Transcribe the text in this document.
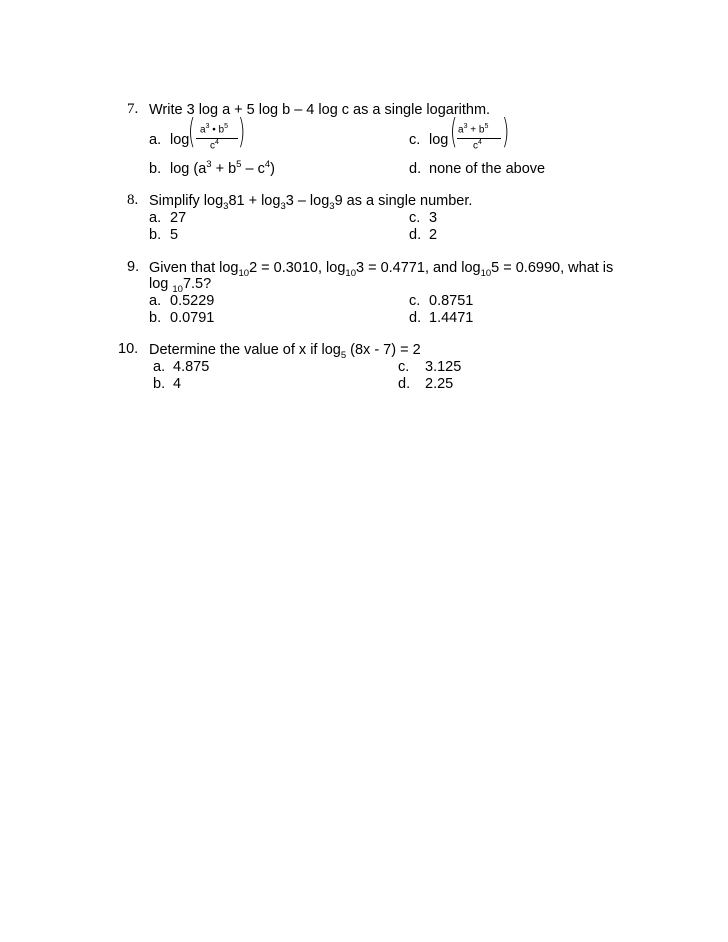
7. Write 3 log a + 5 log b – 4 log c as a single logarithm.
a. log
( $a^3$ • $b^5$
$c^4$ )	c. log ( $a^3 + b^5$
$c^4$ )
b. $\log (a^3 + b^5 - c^4)$	d. none of the above
8. Simplify $\log_381 + \log_33 - \log_39$ as a single number.
a. 27	c. 3
b. 5	d. 2
9. Given that $\log_{10}2 = 0.3010$, $\log_{10}3 = 0.4771$, and $\log_{10}5 = 0.6990$, what is
log $_{10}$7.5?
a. 0.5229	c. 0.8751
b. 0.0791	d. 1.4471
10. Determine the value of x if $\log_5 (8x - 7) = 2$
a. 4.875	c. 3.125
b. 4	d. 2.25
